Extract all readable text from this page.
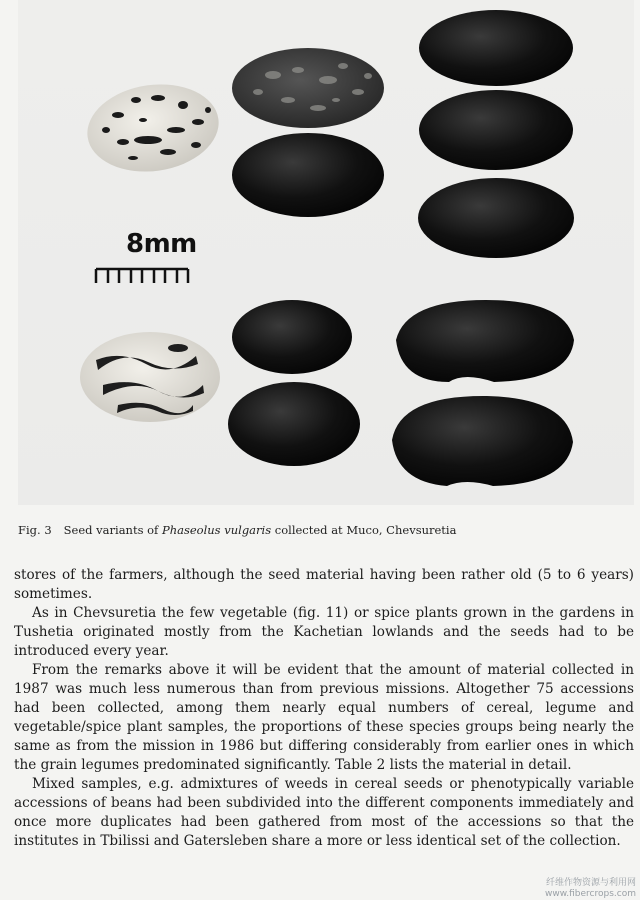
8mm
Fig. 3 Seed variants of Phaseolus vulgaris collected at Muco, Chevsuretia

stores of the farmers, although the seed material having been rather old (5 to 6 years) sometimes.

As in Chevsuretia the few vegetable (fig. 11) or spice plants grown in the gardens in Tushetia originated mostly from the Kachetian lowlands and the seeds had to be introduced every year.

From the remarks above it will be evident that the amount of material collected in 1987 was much less numerous than from previous missions. Altogether 75 accessions had been collected, among them nearly equal numbers of cereal, legume and vegetable/spice plant samples, the proportions of these species groups being nearly the same as from the mission in 1986 but differing considerably from earlier ones in which the grain legumes predominated significantly. Table 2 lists the material in detail.

Mixed samples, e.g. admixtures of weeds in cereal seeds or phenotypically variable accessions of beans had been subdivided into the different components immediately and once more duplicates had been gathered from most of the accessions so that the institutes in Tbilissi and Gatersleben share a more or less identical set of the collection.

纤维作物资源与利用网
www.fibercrops.com
